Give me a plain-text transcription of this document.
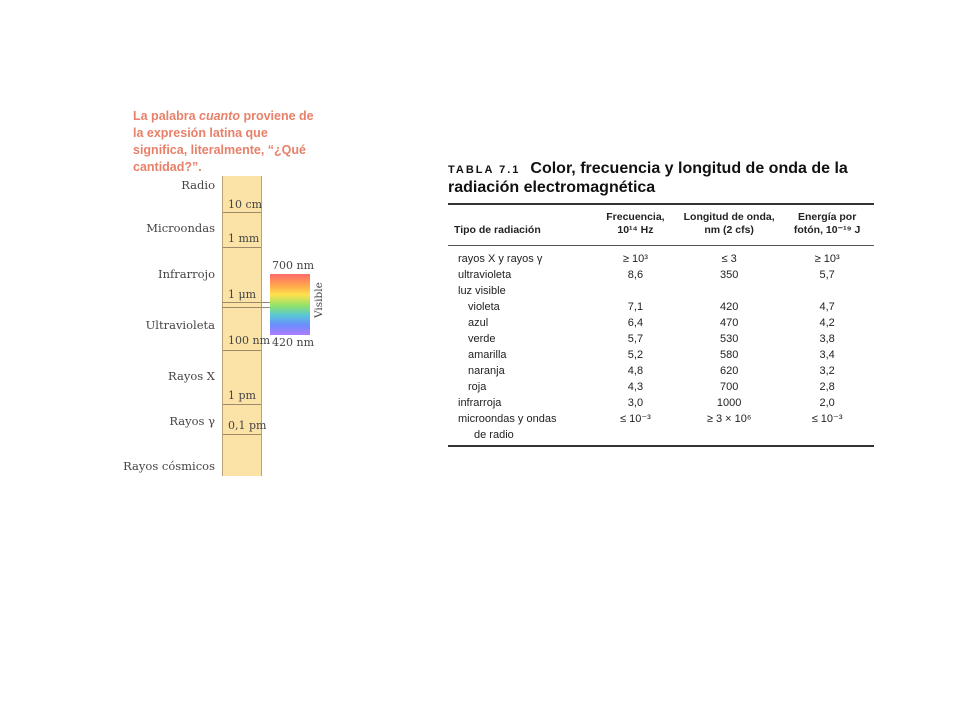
La palabra cuanto proviene de la expresión latina que significa, literalmente, “¿Qué cantidad?”.
Radio
Microondas
Infrarrojo
Ultravioleta
Rayos X
Rayos γ
Rayos cósmicos
10 cm
1 mm
1 μm
100 nm
1 pm
0,1 pm
700 nm
420 nm
Visible
TABLA 7.1 Color, frecuencia y longitud de onda de la radiación electromagnética
Tipo de radiación	Frecuencia, 10¹⁴ Hz	Longitud de onda, nm (2 cfs)	Energía por fotón, 10⁻¹⁹ J

rayos X y rayos γ	≥ 10³	≤ 3	≥ 10³
ultravioleta	8,6	350	5,7
luz visible			
violeta	7,1	420	4,7
azul	6,4	470	4,2
verde	5,7	530	3,8
amarilla	5,2	580	3,4
naranja	4,8	620	3,2
roja	4,3	700	2,8
infrarroja	3,0	1000	2,0
microondas y ondas	≤ 10⁻³	≥ 3 × 10⁶	≤ 10⁻³
de radio			
